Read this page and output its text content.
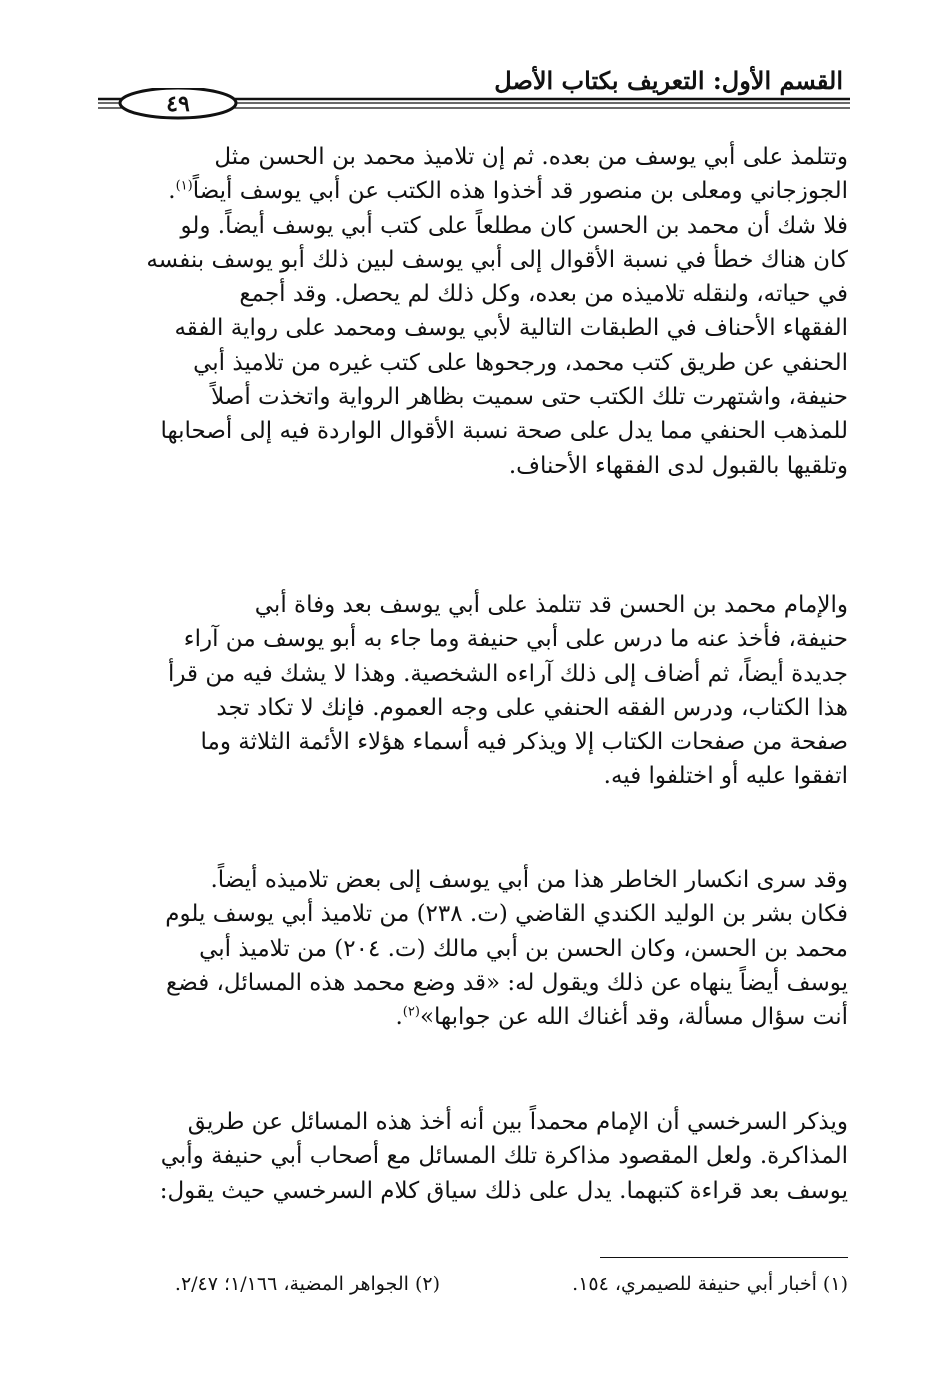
القسم الأول: التعريف بكتاب الأصل
٤٩
وتتلمذ على أبي يوسف من بعده. ثم إن تلاميذ محمد بن الحسن مثل
الجوزجاني ومعلى بن منصور قد أخذوا هذه الكتب عن أبي يوسف أيضاً$^{(١)}$.
فلا شك أن محمد بن الحسن كان مطلعاً على كتب أبي يوسف أيضاً. ولو
كان هناك خطأ في نسبة الأقوال إلى أبي يوسف لبين ذلك أبو يوسف بنفسه
في حياته، ولنقله تلاميذه من بعده، وكل ذلك لم يحصل. وقد أجمع
الفقهاء الأحناف في الطبقات التالية لأبي يوسف ومحمد على رواية الفقه
الحنفي عن طريق كتب محمد، ورجحوها على كتب غيره من تلاميذ أبي
حنيفة، واشتهرت تلك الكتب حتى سميت بظاهر الرواية واتخذت أصلاً
للمذهب الحنفي مما يدل على صحة نسبة الأقوال الواردة فيه إلى أصحابها
وتلقيها بالقبول لدى الفقهاء الأحناف.
والإمام محمد بن الحسن قد تتلمذ على أبي يوسف بعد وفاة أبي
حنيفة، فأخذ عنه ما درس على أبي حنيفة وما جاء به أبو يوسف من آراء
جديدة أيضاً، ثم أضاف إلى ذلك آراءه الشخصية. وهذا لا يشك فيه من قرأ
هذا الكتاب، ودرس الفقه الحنفي على وجه العموم. فإنك لا تكاد تجد
صفحة من صفحات الكتاب إلا ويذكر فيه أسماء هؤلاء الأئمة الثلاثة وما
اتفقوا عليه أو اختلفوا فيه.
وقد سرى انكسار الخاطر هذا من أبي يوسف إلى بعض تلاميذه أيضاً.
فكان بشر بن الوليد الكندي القاضي (ت. ٢٣٨) من تلاميذ أبي يوسف يلوم
محمد بن الحسن، وكان الحسن بن أبي مالك (ت. ٢٠٤) من تلاميذ أبي
يوسف أيضاً ينهاه عن ذلك ويقول له: «قد وضع محمد هذه المسائل، فضع
أنت سؤال مسألة، وقد أغناك الله عن جوابها»$^{(٢)}$.
ويذكر السرخسي أن الإمام محمداً بين أنه أخذ هذه المسائل عن طريق
المذاكرة. ولعل المقصود مذاكرة تلك المسائل مع أصحاب أبي حنيفة وأبي
يوسف بعد قراءة كتبهما. يدل على ذلك سياق كلام السرخسي حيث يقول:
(١) أخبار أبي حنيفة للصيمري، ١٥٤.
(٢) الجواهر المضية، ١/١٦٦؛ ٢/٤٧.
